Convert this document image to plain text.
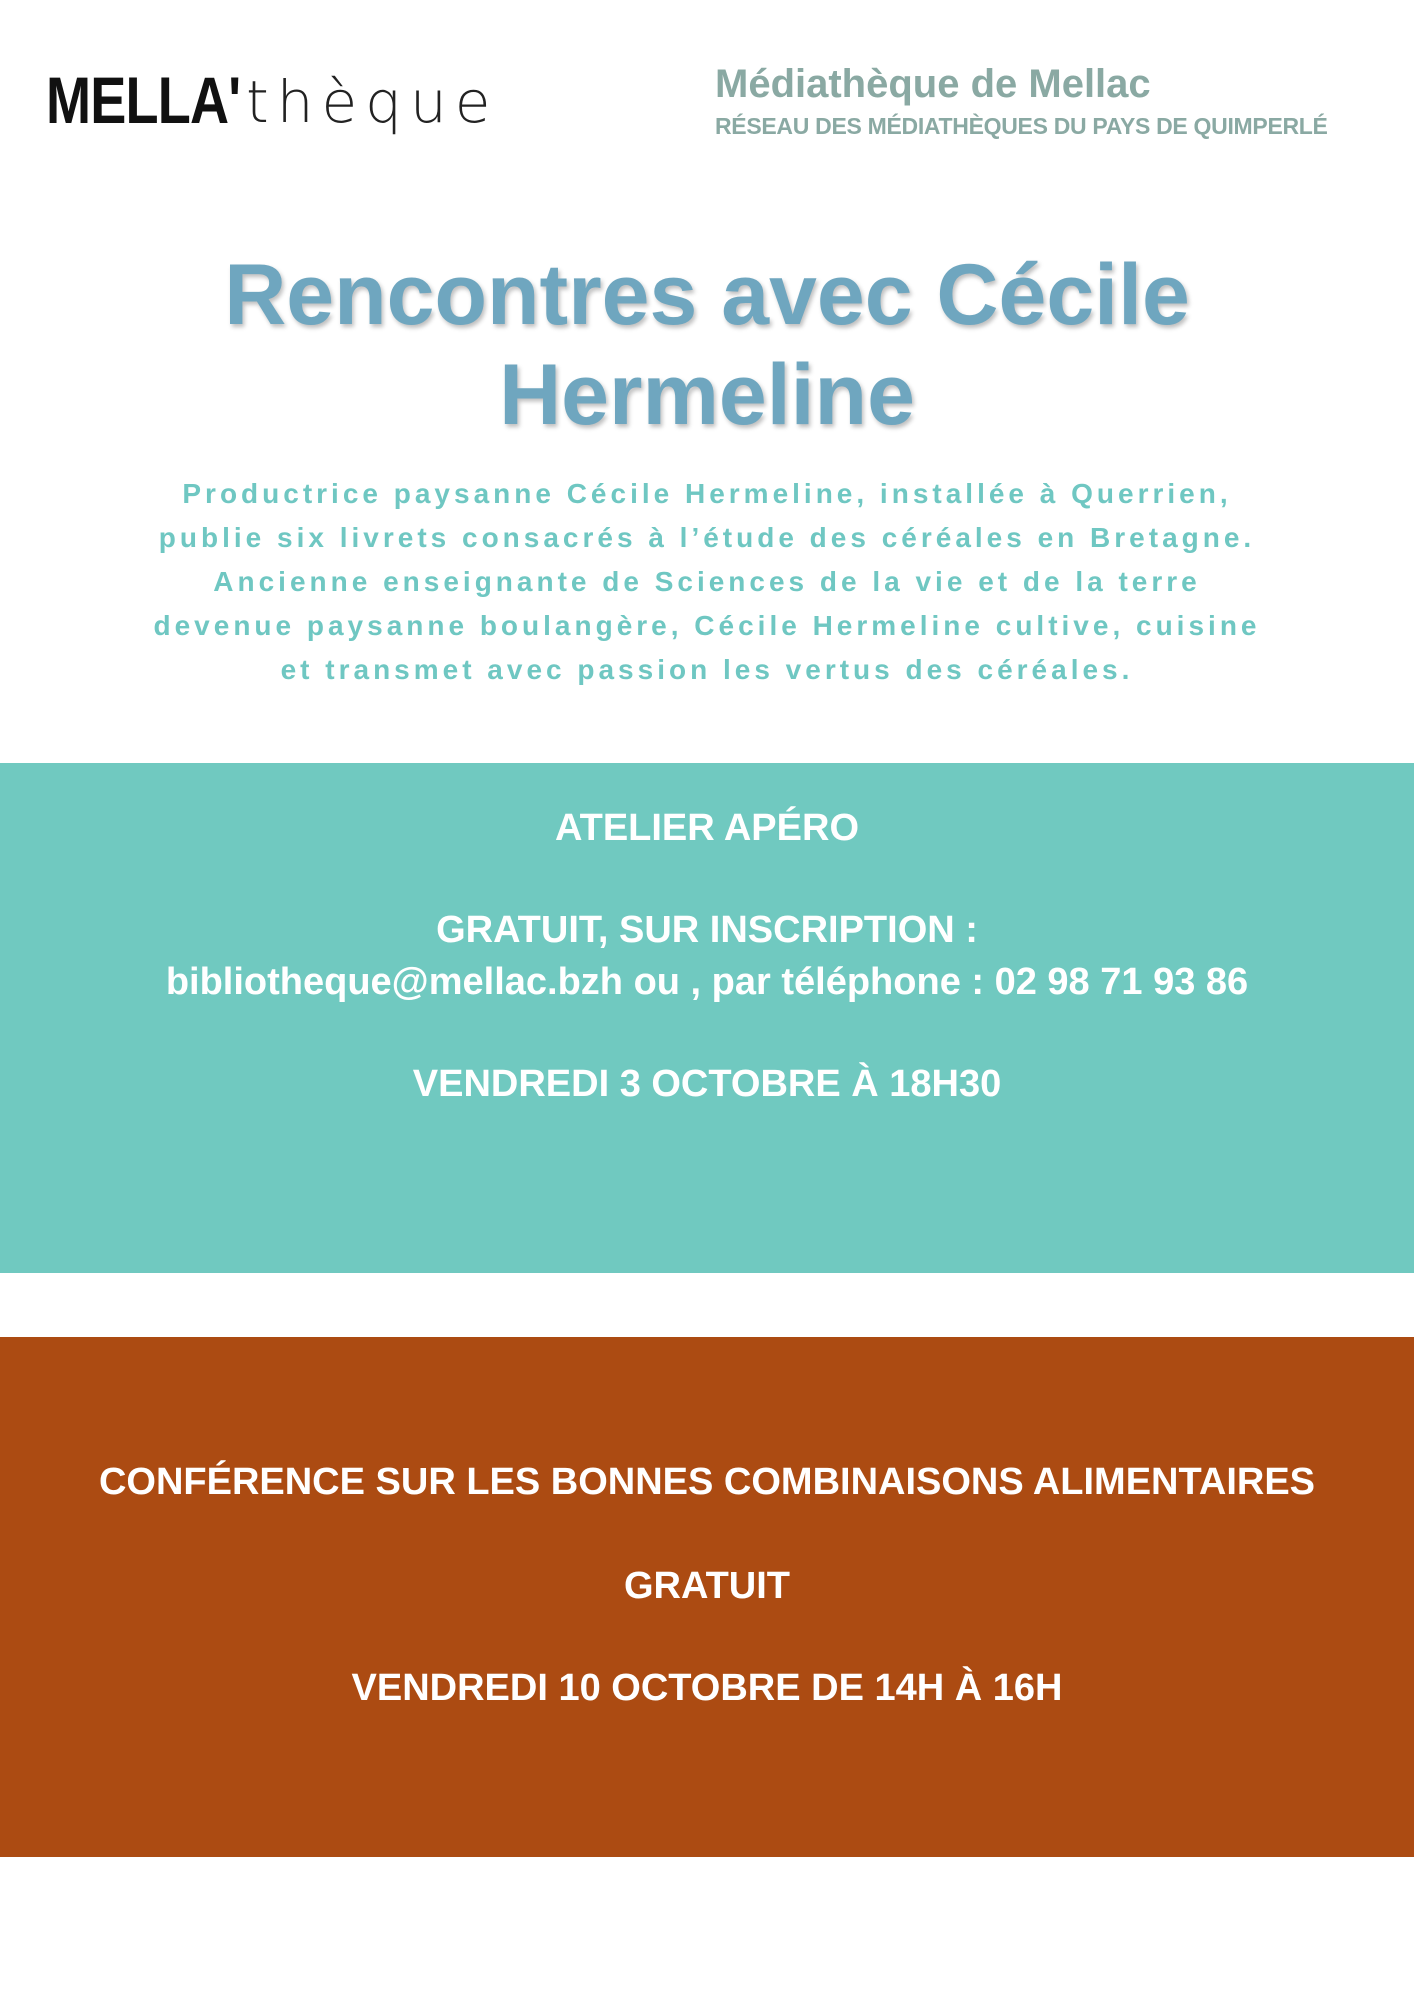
MELLA' thèque	Médiathèque de Mellac
RÉSEAU DES MÉDIATHÈQUES DU PAYS DE QUIMPERLÉ
Rencontres avec Cécile
Hermeline

Productrice paysanne Cécile Hermeline, installée à Querrien,
publie six livrets consacrés à l’étude des céréales en Bretagne.
Ancienne enseignante de Sciences de la vie et de la terre
devenue paysanne boulangère, Cécile Hermeline cultive, cuisine
et transmet avec passion les vertus des céréales.

ATELIER APÉRO

GRATUIT, SUR INSCRIPTION :

bibliotheque@mellac.bzh ou , par téléphone : 02 98 71 93 86

VENDREDI 3 OCTOBRE À 18H30

CONFÉRENCE SUR LES BONNES COMBINAISONS ALIMENTAIRES

GRATUIT

VENDREDI 10 OCTOBRE DE 14H À 16H
